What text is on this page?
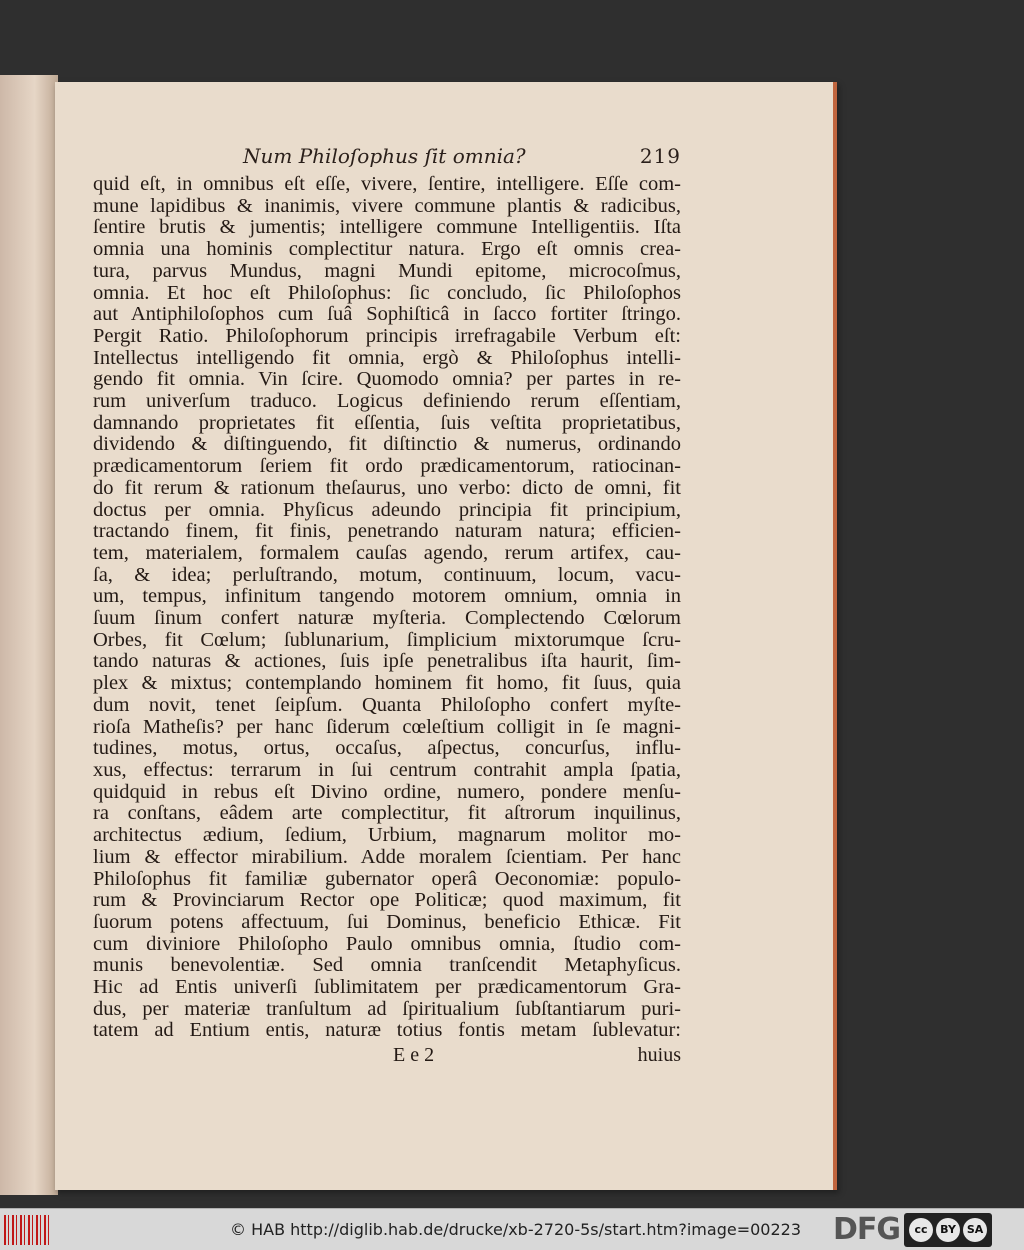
Num Philoſophus ſit omnia?	219
quid eſt, in omnibus eſt eſſe, vivere, ſentire, intelligere. Eſſe com-
mune lapidibus & inanimis, vivere commune plantis & radicibus,
ſentire brutis & jumentis; intelligere commune Intelligentiis. Iſta
omnia una hominis complectitur natura. Ergo eſt omnis crea-
tura, parvus Mundus, magni Mundi epitome, microcoſmus,
omnia. Et hoc eſt Philoſophus: ſic concludo, ſic Philoſophos
aut Antiphiloſophos cum ſuâ Sophiſticâ in ſacco fortiter ſtringo.
Pergit Ratio. Philoſophorum principis irrefragabile Verbum eſt:
Intellectus intelligendo fit omnia, ergò & Philoſophus intelli-
gendo fit omnia. Vin ſcire. Quomodo omnia? per partes in re-
rum univerſum traduco. Logicus definiendo rerum eſſentiam,
damnando proprietates fit eſſentia, ſuis veſtita proprietatibus,
dividendo & diſtinguendo, fit diſtinctio & numerus, ordinando
prædicamentorum ſeriem fit ordo prædicamentorum, ratiocinan-
do fit rerum & rationum theſaurus, uno verbo: dicto de omni, fit
doctus per omnia. Phyſicus adeundo principia fit principium,
tractando finem, fit finis, penetrando naturam natura; efficien-
tem, materialem, formalem cauſas agendo, rerum artifex, cau-
ſa, & idea; perluſtrando, motum, continuum, locum, vacu-
um, tempus, infinitum tangendo motorem omnium, omnia in
ſuum ſinum confert naturæ myſteria. Complectendo Cœlorum
Orbes, fit Cœlum; ſublunarium, ſimplicium mixtorumque ſcru-
tando naturas & actiones, ſuis ipſe penetralibus iſta haurit, ſim-
plex & mixtus; contemplando hominem fit homo, fit ſuus, quia
dum novit, tenet ſeipſum. Quanta Philoſopho confert myſte-
rioſa Matheſis? per hanc ſiderum cœleſtium colligit in ſe magni-
tudines, motus, ortus, occaſus, aſpectus, concurſus, influ-
xus, effectus: terrarum in ſui centrum contrahit ampla ſpatia,
quidquid in rebus eſt Divino ordine, numero, pondere menſu-
ra conſtans, eâdem arte complectitur, fit aſtrorum inquilinus,
architectus ædium, ſedium, Urbium, magnarum molitor mo-
lium & effector mirabilium. Adde moralem ſcientiam. Per hanc
Philoſophus fit familiæ gubernator operâ Oeconomiæ: populo-
rum & Provinciarum Rector ope Politicæ; quod maximum, fit
ſuorum potens affectuum, ſui Dominus, beneficio Ethicæ. Fit
cum diviniore Philoſopho Paulo omnibus omnia, ſtudio com-
munis benevolentiæ. Sed omnia tranſcendit Metaphyſicus.
Hic ad Entis univerſi ſublimitatem per prædicamentorum Gra-
dus, per materiæ tranſultum ad ſpiritualium ſubſtantiarum puri-
tatem ad Entium entis, naturæ totius fontis metam ſublevatur:
E e 2	huius
© HAB http://diglib.hab.de/drucke/xb-2720-5s/start.htm?image=00223 DFG	cc	BY SA
